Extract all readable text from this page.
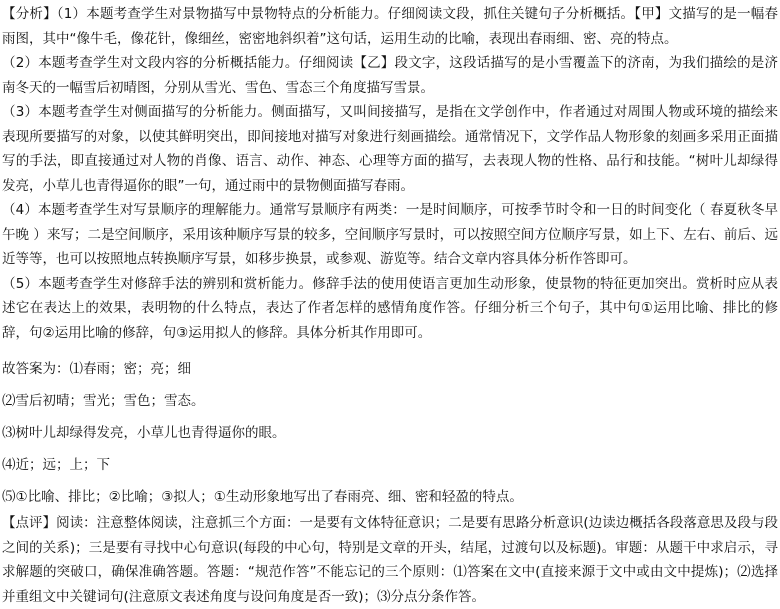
【分析】（1）本题考查学生对景物描写中景物特点的分析能力。仔细阅读文段，抓住关键句子分析概括。【甲】文描写的是一幅春雨图，其中“像牛毛，像花针，像细丝，密密地斜织着”这句话，运用生动的比喻，表现出春雨细、密、亮的特点。

（2）本题考查学生对文段内容的分析概括能力。仔细阅读【乙】段文字，这段话描写的是小雪覆盖下的济南，为我们描绘的是济南冬天的一幅雪后初晴图，分别从雪光、雪色、雪态三个角度描写雪景。

（3）本题考查学生对侧面描写的分析能力。侧面描写，又叫间接描写，是指在文学创作中，作者通过对周围人物或环境的描绘来表现所要描写的对象，以使其鲜明突出，即间接地对描写对象进行刻画描绘。通常情况下，文学作品人物形象的刻画多采用正面描写的手法，即直接通过对人物的肖像、语言、动作、神态、心理等方面的描写，去表现人物的性格、品行和技能。“树叶儿却绿得发亮，小草儿也青得逼你的眼”一句，通过雨中的景物侧面描写春雨。

（4）本题考查学生对写景顺序的理解能力。通常写景顺序有两类：一是时间顺序，可按季节时令和一日的时间变化（ 春夏秋冬早午晚 ）来写；二是空间顺序，采用该种顺序写景的较多，空间顺序写景时，可以按照空间方位顺序写景，如上下、左右、前后、远近等等，也可以按照地点转换顺序写景，如移步换景，或参观、游览等。结合文章内容具体分析作答即可。

（5）本题考查学生对修辞手法的辨别和赏析能力。修辞手法的使用使语言更加生动形象，使景物的特征更加突出。赏析时应从表述它在表达上的效果，表明物的什么特点，表达了作者怎样的感情角度作答。仔细分析三个句子，其中句①运用比喻、排比的修辞，句②运用比喻的修辞，句③运用拟人的修辞。具体分析其作用即可。

故答案为：⑴春雨；密；亮；细

⑵雪后初晴；雪光；雪色；雪态。

⑶树叶儿却绿得发亮，小草儿也青得逼你的眼。

⑷近；远；上；下

⑸①比喻、排比；②比喻；③拟人；①生动形象地写出了春雨亮、细、密和轻盈的特点。

【点评】阅读：注意整体阅读，注意抓三个方面：一是要有文体特征意识；二是要有思路分析意识(边读边概括各段落意思及段与段之间的关系)；三是要有寻找中心句意识(每段的中心句，特别是文章的开头，结尾，过渡句以及标题)。审题：从题干中求启示，寻求解题的突破口，确保准确答题。答题：“规范作答”不能忘记的三个原则：⑴答案在文中(直接来源于文中或由文中提炼)；⑵选择并重组文中关键词句(注意原文表述角度与设问角度是否一致)；⑶分点分条作答。
